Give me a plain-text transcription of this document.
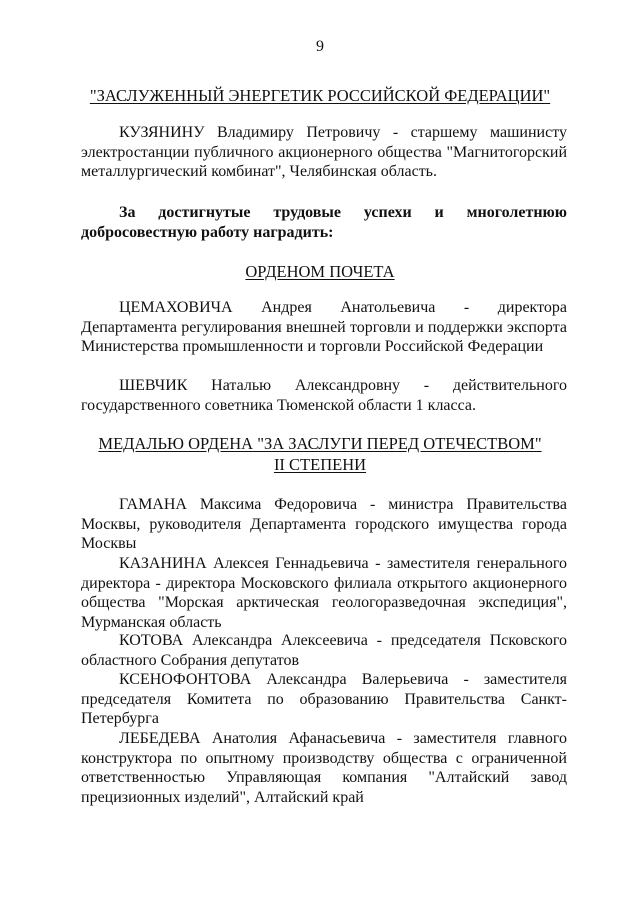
9
"ЗАСЛУЖЕННЫЙ ЭНЕРГЕТИК РОССИЙСКОЙ ФЕДЕРАЦИИ"
КУЗЯНИНУ Владимиру Петровичу - старшему машинисту электростанции публичного акционерного общества "Магнитогорский металлургический комбинат", Челябинская область.
За достигнутые трудовые успехи и многолетнюю добросовестную работу наградить:
ОРДЕНОМ ПОЧЕТА
ЦЕМАХОВИЧА Андрея Анатольевича - директора Департамента регулирования внешней торговли и поддержки экспорта Министерства промышленности и торговли Российской Федерации
ШЕВЧИК Наталью Александровну - действительного государственного советника Тюменской области 1 класса.
МЕДАЛЬЮ ОРДЕНА "ЗА ЗАСЛУГИ ПЕРЕД ОТЕЧЕСТВОМ"
II СТЕПЕНИ
ГАМАНА Максима Федоровича - министра Правительства Москвы, руководителя Департамента городского имущества города Москвы
КАЗАНИНА Алексея Геннадьевича - заместителя генерального директора - директора Московского филиала открытого акционерного общества "Морская арктическая геологоразведочная экспедиция", Мурманская область
КОТОВА Александра Алексеевича - председателя Псковского областного Собрания депутатов
КСЕНОФОНТОВА Александра Валерьевича - заместителя председателя Комитета по образованию Правительства Санкт-Петербурга
ЛЕБЕДЕВА Анатолия Афанасьевича - заместителя главного конструктора по опытному производству общества с ограниченной ответственностью Управляющая компания "Алтайский завод прецизионных изделий", Алтайский край
